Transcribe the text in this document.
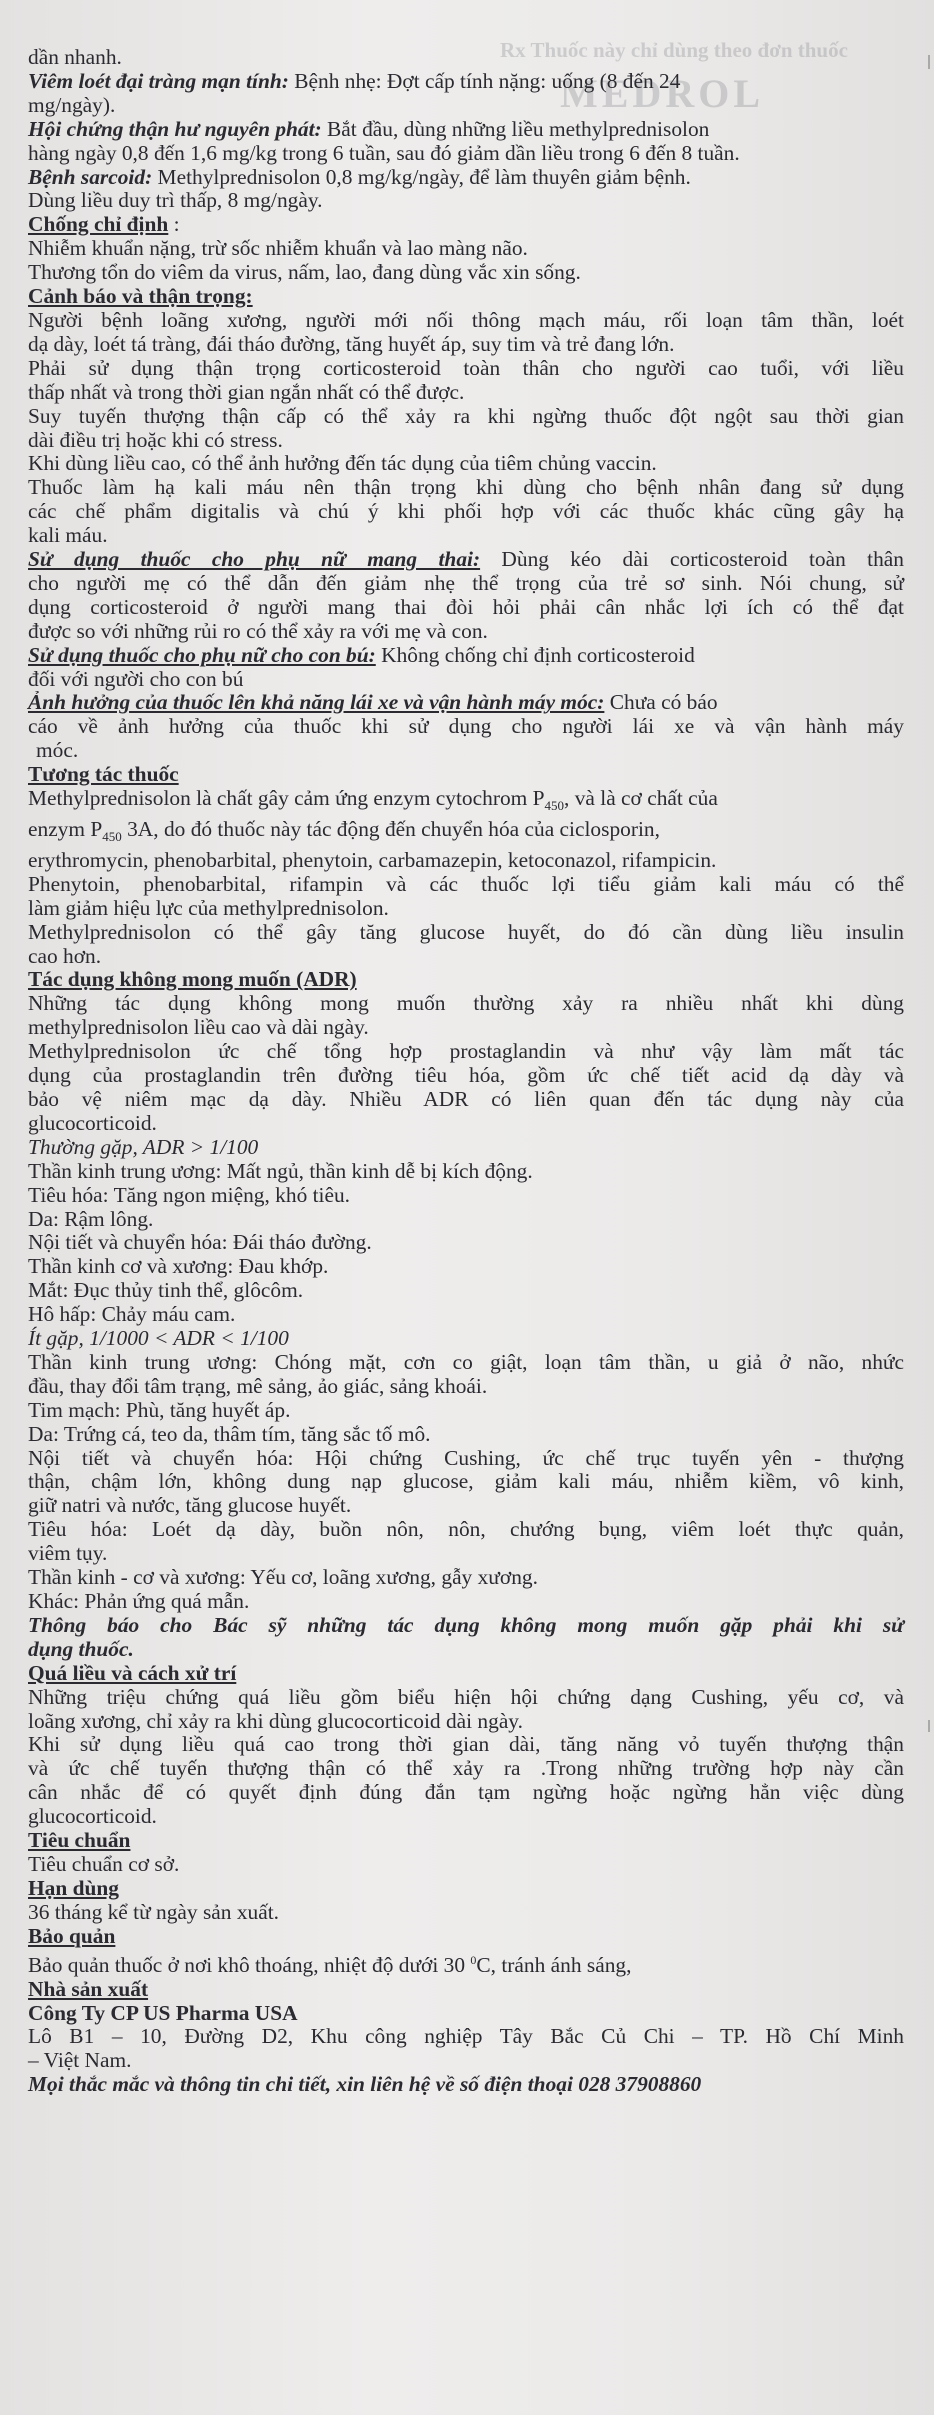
Rx Thuốc này chỉ dùng theo đơn thuốc
MEDROL
dần nhanh.
Viêm loét đại tràng mạn tính: Bệnh nhẹ: Đợt cấp tính nặng: uống (8 đến 24
mg/ngày).
Hội chứng thận hư nguyên phát: Bắt đầu, dùng những liều methylprednisolon
hàng ngày 0,8 đến 1,6 mg/kg trong 6 tuần, sau đó giảm dần liều trong 6 đến 8 tuần.
Bệnh sarcoid: Methylprednisolon 0,8 mg/kg/ngày, để làm thuyên giảm bệnh.
Dùng liều duy trì thấp, 8 mg/ngày.
Chống chỉ định :
Nhiễm khuẩn nặng, trừ sốc nhiễm khuẩn và lao màng não.
Thương tổn do viêm da virus, nấm, lao, đang dùng vắc xin sống.
Cảnh báo và thận trọng:
Người bệnh loãng xương, người mới nối thông mạch máu, rối loạn tâm thần, loét
dạ dày, loét tá tràng, đái tháo đường, tăng huyết áp, suy tim và trẻ đang lớn.
Phải sử dụng thận trọng corticosteroid toàn thân cho người cao tuổi, với liều
thấp nhất và trong thời gian ngắn nhất có thể được.
Suy tuyến thượng thận cấp có thể xảy ra khi ngừng thuốc đột ngột sau thời gian
dài điều trị hoặc khi có stress.
Khi dùng liều cao, có thể ảnh hưởng đến tác dụng của tiêm chủng vaccin.
Thuốc làm hạ kali máu nên thận trọng khi dùng cho bệnh nhân đang sử dụng
các chế phẩm digitalis và chú ý khi phối hợp với các thuốc khác cũng gây hạ
kali máu.
Sử dụng thuốc cho phụ nữ mang thai: Dùng kéo dài corticosteroid toàn thân
cho người mẹ có thể dẫn đến giảm nhẹ thể trọng của trẻ sơ sinh. Nói chung, sử
dụng corticosteroid ở người mang thai đòi hỏi phải cân nhắc lợi ích có thể đạt
được so với những rủi ro có thể xảy ra với mẹ và con.
Sử dụng thuốc cho phụ nữ cho con bú: Không chống chỉ định corticosteroid
đối với người cho con bú
Ảnh hưởng của thuốc lên khả năng lái xe và vận hành máy móc: Chưa có báo
cáo về ảnh hưởng của thuốc khi sử dụng cho người lái xe và vận hành máy
móc.
Tương tác thuốc
Methylprednisolon là chất gây cảm ứng enzym cytochrom $P_{450}$, và là cơ chất của
enzym $P_{450}$ 3A, do đó thuốc này tác động đến chuyển hóa của ciclosporin,
erythromycin, phenobarbital, phenytoin, carbamazepin, ketoconazol, rifampicin.
Phenytoin, phenobarbital, rifampin và các thuốc lợi tiểu giảm kali máu có thể
làm giảm hiệu lực của methylprednisolon.
Methylprednisolon có thể gây tăng glucose huyết, do đó cần dùng liều insulin
cao hơn.
Tác dụng không mong muốn (ADR)
Những tác dụng không mong muốn thường xảy ra nhiều nhất khi dùng
methylprednisolon liều cao và dài ngày.
Methylprednisolon ức chế tổng hợp prostaglandin và như vậy làm mất tác
dụng của prostaglandin trên đường tiêu hóa, gồm ức chế tiết acid dạ dày và
bảo vệ niêm mạc dạ dày. Nhiều ADR có liên quan đến tác dụng này của
glucocorticoid.
Thường gặp, ADR > 1/100
Thần kinh trung ương: Mất ngủ, thần kinh dễ bị kích động.
Tiêu hóa: Tăng ngon miệng, khó tiêu.
Da: Rậm lông.
Nội tiết và chuyển hóa: Đái tháo đường.
Thần kinh cơ và xương: Đau khớp.
Mắt: Đục thủy tinh thể, glôcôm.
Hô hấp: Chảy máu cam.
Ít gặp, 1/1000 < ADR < 1/100
Thần kinh trung ương: Chóng mặt, cơn co giật, loạn tâm thần, u giả ở não, nhức
đầu, thay đổi tâm trạng, mê sảng, ảo giác, sảng khoái.
Tim mạch: Phù, tăng huyết áp.
Da: Trứng cá, teo da, thâm tím, tăng sắc tố mô.
Nội tiết và chuyển hóa: Hội chứng Cushing, ức chế trục tuyến yên - thượng
thận, chậm lớn, không dung nạp glucose, giảm kali máu, nhiễm kiềm, vô kinh,
giữ natri và nước, tăng glucose huyết.
Tiêu hóa: Loét dạ dày, buồn nôn, nôn, chướng bụng, viêm loét thực quản,
viêm tụy.
Thần kinh - cơ và xương: Yếu cơ, loãng xương, gẫy xương.
Khác: Phản ứng quá mẫn.
Thông báo cho Bác sỹ những tác dụng không mong muốn gặp phải khi sử
dụng thuốc.
Quá liều và cách xử trí
Những triệu chứng quá liều gồm biểu hiện hội chứng dạng Cushing, yếu cơ, và
loãng xương, chỉ xảy ra khi dùng glucocorticoid dài ngày.
Khi sử dụng liều quá cao trong thời gian dài, tăng năng vỏ tuyến thượng thận
và ức chế tuyến thượng thận có thể xảy ra .Trong những trường hợp này cần
cân nhắc để có quyết định đúng đắn tạm ngừng hoặc ngừng hẳn việc dùng
glucocorticoid.
Tiêu chuẩn
Tiêu chuẩn cơ sở.
Hạn dùng
36 tháng kể từ ngày sản xuất.
Bảo quản
Bảo quản thuốc ở nơi khô thoáng, nhiệt độ dưới 30 $^0$C, tránh ánh sáng,
Nhà sản xuất
Công Ty CP US Pharma USA
Lô B1 – 10, Đường D2, Khu công nghiệp Tây Bắc Củ Chi – TP. Hồ Chí Minh
– Việt Nam.
Mọi thắc mắc và thông tin chi tiết, xin liên hệ về số điện thoại 028 37908860
